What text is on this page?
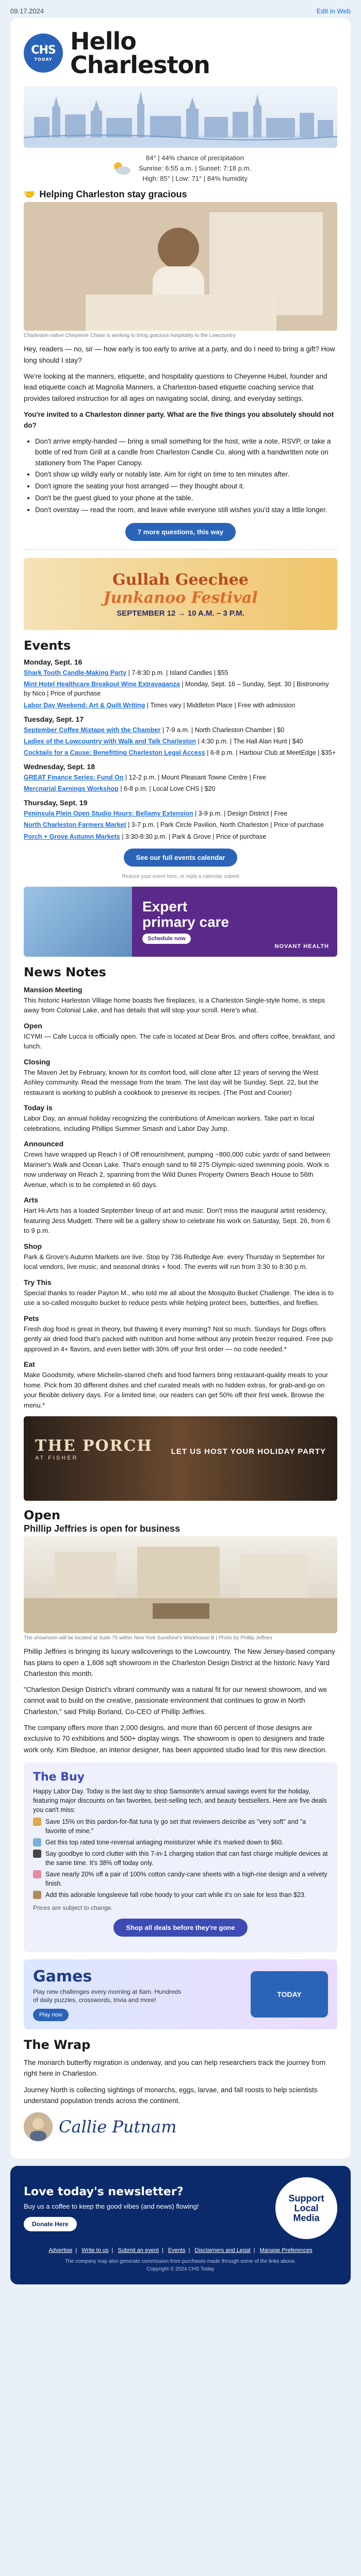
09.17.2024	Edit in Web
CHS
TODAY
Hello
Charleston
84° | 44% chance of precipitation
Sunrise: 6:55 a.m. | Sunset: 7:18 p.m.
High: 85° | Low: 71° | 84% humidity
🤝 Helping Charleston stay gracious
Charleston native Cheyenne Chase is working to bring gracious hospitality to the Lowcountry

Hey, readers — no, sir — how early is too early to arrive at a party, and do I need to bring a gift? How long should I stay?

We're looking at the manners, etiquette, and hospitality questions to Cheyenne Hubel, founder and lead etiquette coach at Magnolia Manners, a Charleston-based etiquette coaching service that provides tailored instruction for all ages on navigating social, dining, and everyday settings.

You're invited to a Charleston dinner party. What are the five things you absolutely should not do?

• Don't arrive empty-handed — bring a small something for the host, write a note, RSVP, or take a bottle of red from Grill at a candle from Charleston Candle Co. along with a handwritten note on stationery from The Paper Canopy.
• Don't show up wildly early or notably late. Aim for right on time to ten minutes after.
• Don't ignore the seating your host arranged — they thought about it.
• Don't be the guest glued to your phone at the table.
• Don't overstay — read the room, and leave while everyone still wishes you'd stay a little longer.
7 more questions, this way
Gullah Geechee
Junkanoo Festival
SEPTEMBER 12 → 10 A.M. – 3 P.M.
Events
Monday, Sept. 16
Shark Tooth Candle-Making Party | 7-8:30 p.m. | Island Candles | $55
Mint Hotel Healthcare Breakout Wine Extravaganza | Monday, Sept. 16 – Sunday, Sept. 30 | Bistronomy by Nico | Price of purchase
Labor Day Weekend: Art & Quilt Writing | Times vary | Middleton Place | Free with admission
Tuesday, Sept. 17
September Coffee Mixtape with the Chamber | 7-9 a.m. | North Charleston Chamber | $0
Ladies of the Lowcountry with Walk and Talk Charleston | 4:30 p.m. | The Hall Alan Hunt | $40
Cocktails for a Cause: Benefitting Charleston Legal Access | 6-8 p.m. | Harbour Club at MeetEdge | $35+
Wednesday, Sept. 18
GREAT Finance Series: Fund On | 12-2 p.m. | Mount Pleasant Towne Centre | Free
Mercnarial Earnings Workshop | 6-8 p.m. | Local Love CHS | $20
Thursday, Sept. 19
Peninsula Plein Open Studio Hours: Bellamy Extension | 3-9 p.m. | Design District | Free
North Charleston Farmers Market | 3-7 p.m. | Park Circle Pavilion, North Charleston | Price of purchase
Porch + Grove Autumn Markets | 3:30-8:30 p.m. | Park & Grove | Price of purchase
See our full events calendar
Reduce your event here, or reply a calendar submit
Expert
primary care
Schedule now
NOVANT HEALTH
News Notes
Mansion Meeting
This historic Harleston Village home boasts five fireplaces, is a Charleston Single-style home, is steps away from Colonial Lake, and has details that will stop your scroll. Here's what.
Open
ICYMI — Cafe Lucca is officially open. The cafe is located at Dear Bros. and offers coffee, breakfast, and lunch.
Closing
The Maven Jet by February, known for its comfort food, will close after 12 years of serving the West Ashley community. Read the message from the team. The last day will be Sunday, Sept. 22, but the restaurant is working to publish a cookbook to preserve its recipes. (The Post and Courier)
Today is
Labor Day, an annual holiday recognizing the contributions of American workers. Take part in local celebrations, including Phillips Summer Smash and Labor Day Jump.
Announced
Crews have wrapped up Reach I of Off renourishment, pumping ~800,000 cubic yards of sand between Mariner's Walk and Ocean Lake. That's enough sand to fill 275 Olympic-sized swimming pools. Work is now underway on Reach 2, spanning from the Wild Dunes Property Owners Beach House to 56th Avenue, which is to be completed in 60 days.
Arts
Hart Hi-Arts has a loaded September lineup of art and music. Don't miss the inaugural artist residency, featuring Jess Mudgett. There will be a gallery show to celebrate his work on Saturday, Sept. 26, from 6 to 9 p.m.
Shop
Park & Grove's Autumn Markets are live. Stop by 736 Rutledge Ave. every Thursday in September for local vendors, live music, and seasonal drinks + food. The events will run from 3:30 to 8:30 p.m.
Try This
Special thanks to reader Payton M., who told me all about the Mosquito Bucket Challenge. The idea is to use a so-called mosquito bucket to reduce pests while helping protect bees, butterflies, and fireflies.
Pets
Fresh dog food is great in theory, but thawing it every morning? Not so much. Sundays for Dogs offers gently air dried food that's packed with nutrition and home without any protein freezer required. Free pup approved in 4+ flavors, and even better with 30% off your first order — no code needed.*
Eat
Make Goodsmity, where Michelin-starred chefs and food farmers bring restaurant-quality meals to your home. Pick from 30 different dishes and chef curated meals with no hidden extras, for grab-and-go on your flexible delivery days. For a limited time, our readers can get 50% off their first week. Browse the menu.*
THE PORCH
AT FISHER
LET US HOST YOUR HOLIDAY PARTY
Open
Phillip Jeffries is open for business
The showroom will be located at Suite 75 within New York Sunshine's Workhouse B | Photo by Phillip Jeffries

Phillip Jeffries is bringing its luxury wallcoverings to the Lowcountry. The New Jersey-based company has plans to open a 1,608 sqft showroom in the Charleston Design District at the historic Navy Yard Charleston this month.

"Charleston Design District's vibrant community was a natural fit for our newest showroom, and we cannot wait to build on the creative, passionate environment that continues to grow in North Charleston," said Philip Borland, Co-CEO of Phillip Jeffries.

The company offers more than 2,000 designs, and more than 60 percent of those designs are exclusive to 70 exhibitions and 500+ display wings. The showroom is open to designers and trade work only. Kim Bledsoe, an interior designer, has been appointed studio lead for this new direction.

The Buy
Happy Labor Day. Today is the last day to shop Samsonite's annual savings event for the holiday, featuring major discounts on fan favorites, best-selling tech, and beauty bestsellers. Here are five deals you can't miss:
Save 15% on this pardon-for-flat tuna ty go set that reviewers describe as "very soft" and "a favorite of mine."
Get this top rated tone-reversal antiaging moisturizer while it's marked down to $60.
Say goodbye to cord clutter with this 7-in-1 charging station that can fast charge multiple devices at the same time. It's 38% off today only.
Save nearly 20% off a pair of 100% cotton candy-cane sheets with a high-rise design and a velvety finish.
Add this adorable longsleeve fall robe hoody to your cart while it's on sale for less than $23.
Prices are subject to change.
Shop all deals before they're gone
Games
Play new challenges every morning at 6am. Hundreds of daily puzzles, crosswords, trivia and more!
Play now
TODAY
The Wrap

The monarch butterfly migration is underway, and you can help researchers track the journey from right here in Charleston.

Journey North is collecting sightings of monarchs, eggs, larvae, and fall roosts to help scientists understand population trends across the continent.

Callie Putnam
Love today's newsletter?
Buy us a coffee to keep the good vibes (and news) flowing!
Donate Here
Support
Local
Media
Advertise | Write to us | Submit an event | Events | Disclaimers and Legal | Manage Preferences
The company may also generate commission from purchases made through some of the links above.
Copyright © 2024 CHS Today
